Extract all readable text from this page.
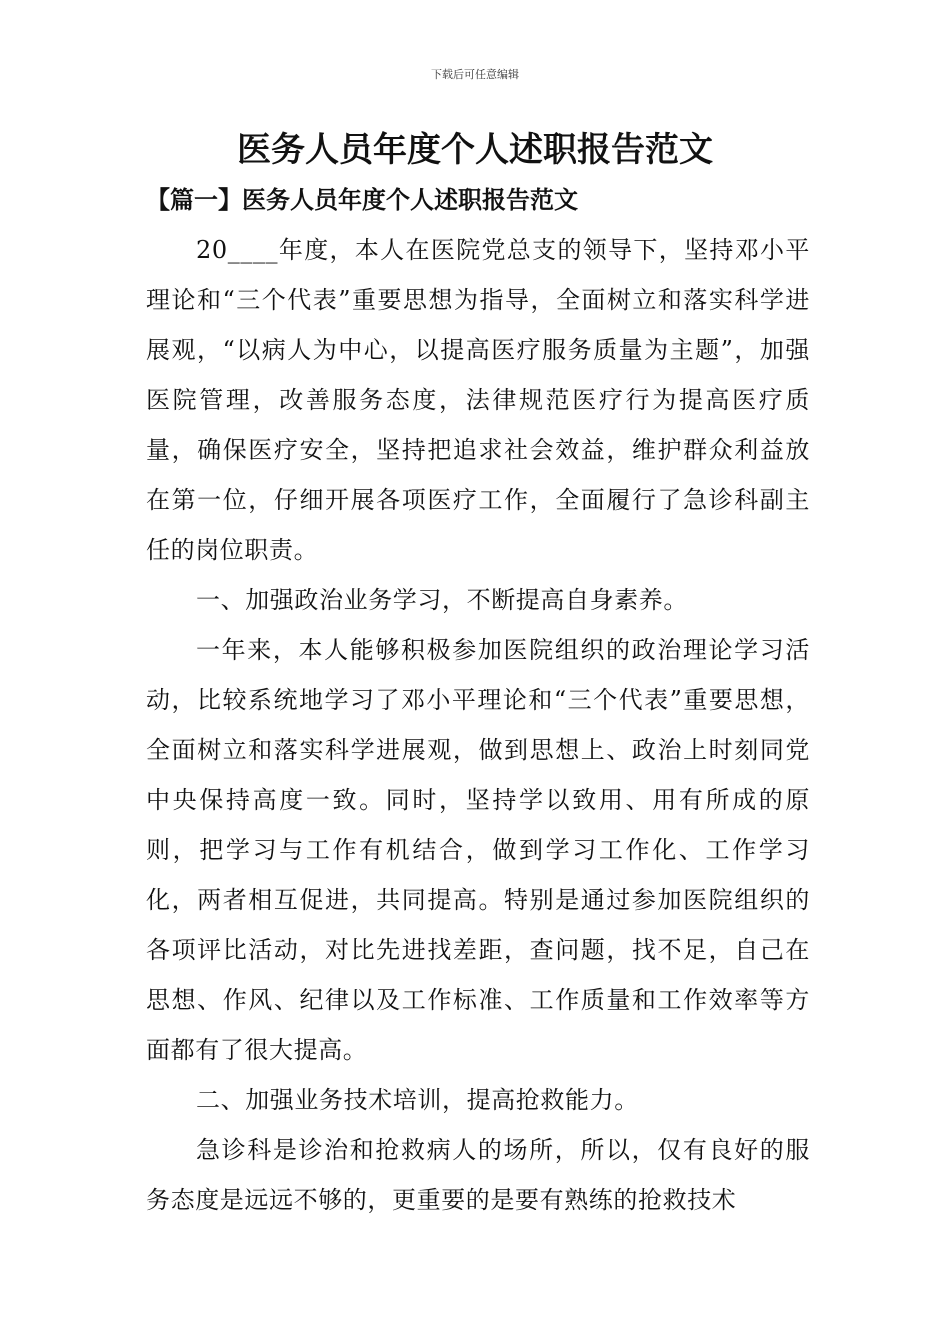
下载后可任意编辑
医务人员年度个人述职报告范文
【篇一】医务人员年度个人述职报告范文

20____年度，本人在医院党总支的领导下，坚持邓小平理论和“三个代表”重要思想为指导，全面树立和落实科学进展观，“以病人为中心，以提高医疗服务质量为主题”，加强医院管理，改善服务态度，法律规范医疗行为提高医疗质量，确保医疗安全，坚持把追求社会效益，维护群众利益放在第一位，仔细开展各项医疗工作，全面履行了急诊科副主任的岗位职责。

一、加强政治业务学习，不断提高自身素养。

一年来，本人能够积极参加医院组织的政治理论学习活动，比较系统地学习了邓小平理论和“三个代表”重要思想，全面树立和落实科学进展观，做到思想上、政治上时刻同党中央保持高度一致。同时，坚持学以致用、用有所成的原则，把学习与工作有机结合，做到学习工作化、工作学习化，两者相互促进，共同提高。特别是通过参加医院组织的各项评比活动，对比先进找差距，查问题，找不足，自己在思想、作风、纪律以及工作标准、工作质量和工作效率等方面都有了很大提高。

二、加强业务技术培训，提高抢救能力。

急诊科是诊治和抢救病人的场所，所以，仅有良好的服务态度是远远不够的，更重要的是要有熟练的抢救技术
